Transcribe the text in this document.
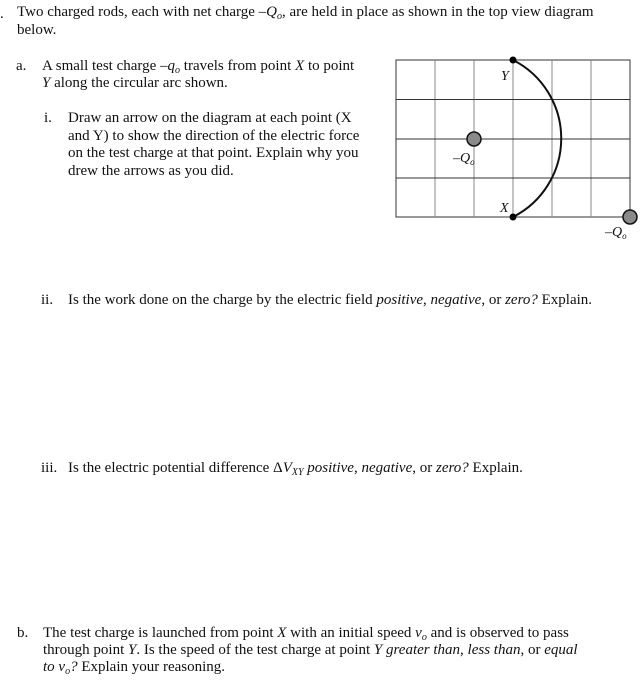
. Two charged rods, each with net charge $-Q_o$, are held in place as shown in the top view diagram
below.
a. A small test charge $-q_o$ travels from point X to point
Y along the circular arc shown.
i. Draw an arrow on the diagram at each point (X
and Y) to show the direction of the electric force
on the test charge at that point. Explain why you
drew the arrows as you did.
Y
X
$-Q_o$
$-Q_o$
ii. Is the work done on the charge by the electric field positive, negative, or zero? Explain.
iii. Is the electric potential difference $\Delta V_{XY}$ positive, negative, or zero? Explain.
b. The test charge is launched from point X with an initial speed $v_o$ and is observed to pass
through point Y. Is the speed of the test charge at point Y greater than, less than, or equal
to $v_o$? Explain your reasoning.
